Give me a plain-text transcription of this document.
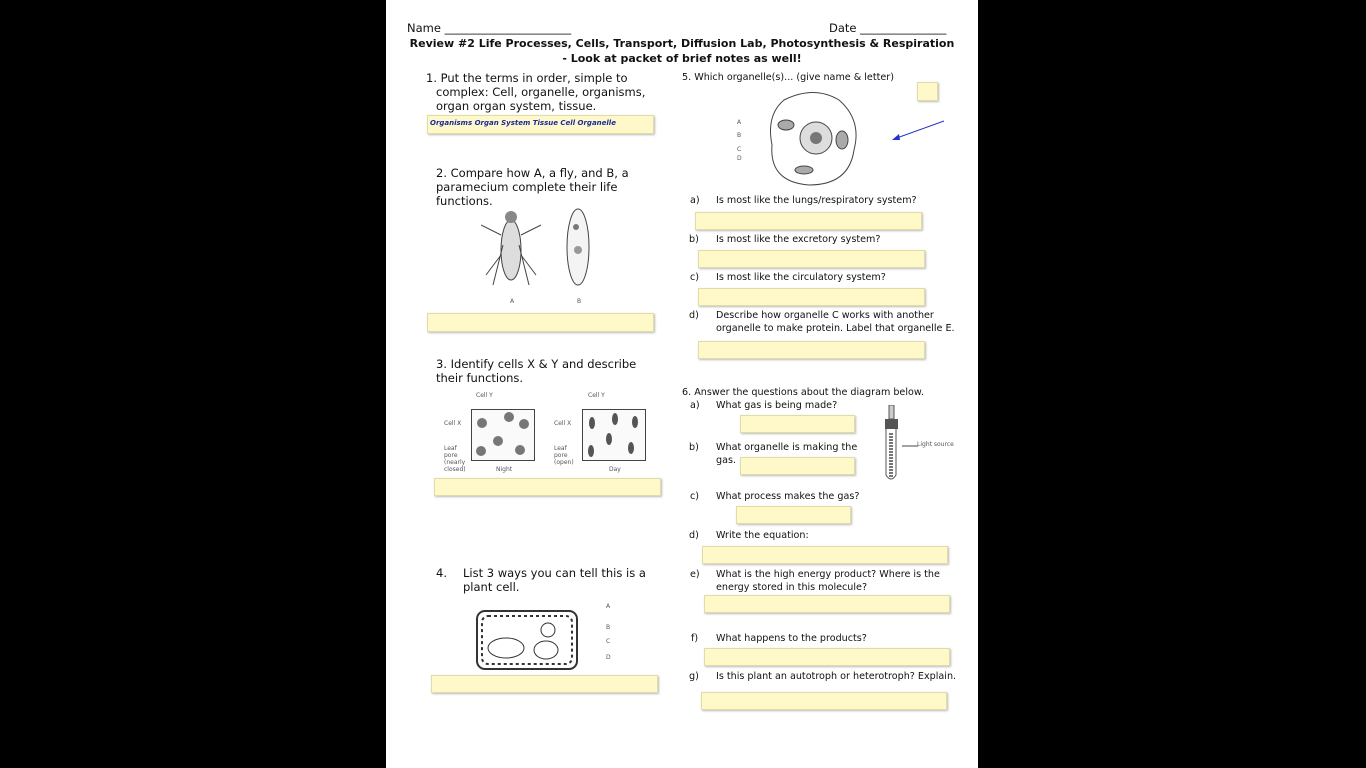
Name ______________________	Date _______________
Review #2 Life Processes, Cells, Transport, Diffusion Lab, Photosynthesis & Respiration
- Look at packet of brief notes as well!
1. Put the terms in order, simple to complex: Cell, organelle, organisms, organ organ system, tissue.
Organisms Organ System Tissue Cell Organelle
2. Compare how A, a fly, and B, a paramecium complete their life functions.
A	B
3. Identify cells X & Y and describe their functions.
Cell Y
Cell X
Leaf pore (nearly closed)	Night
Cell Y
Cell X
Leaf pore (open)
Day
4. List 3 ways you can tell this is a plant cell.
A
B
C
D
5. Which organelle(s)... (give name & letter)
A
B
C
D
a) Is most like the lungs/respiratory system?
b) Is most like the excretory system?
c) Is most like the circulatory system?
d) Describe how organelle C works with another organelle to make protein. Label that organelle E.
6. Answer the questions about the diagram below.
Light source
a) What gas is being made?
b) What organelle is making the gas.
c) What process makes the gas?
d) Write the equation:
e) What is the high energy product? Where is the energy stored in this molecule?
f) What happens to the products?
g) Is this plant an autotroph or heterotroph? Explain.
